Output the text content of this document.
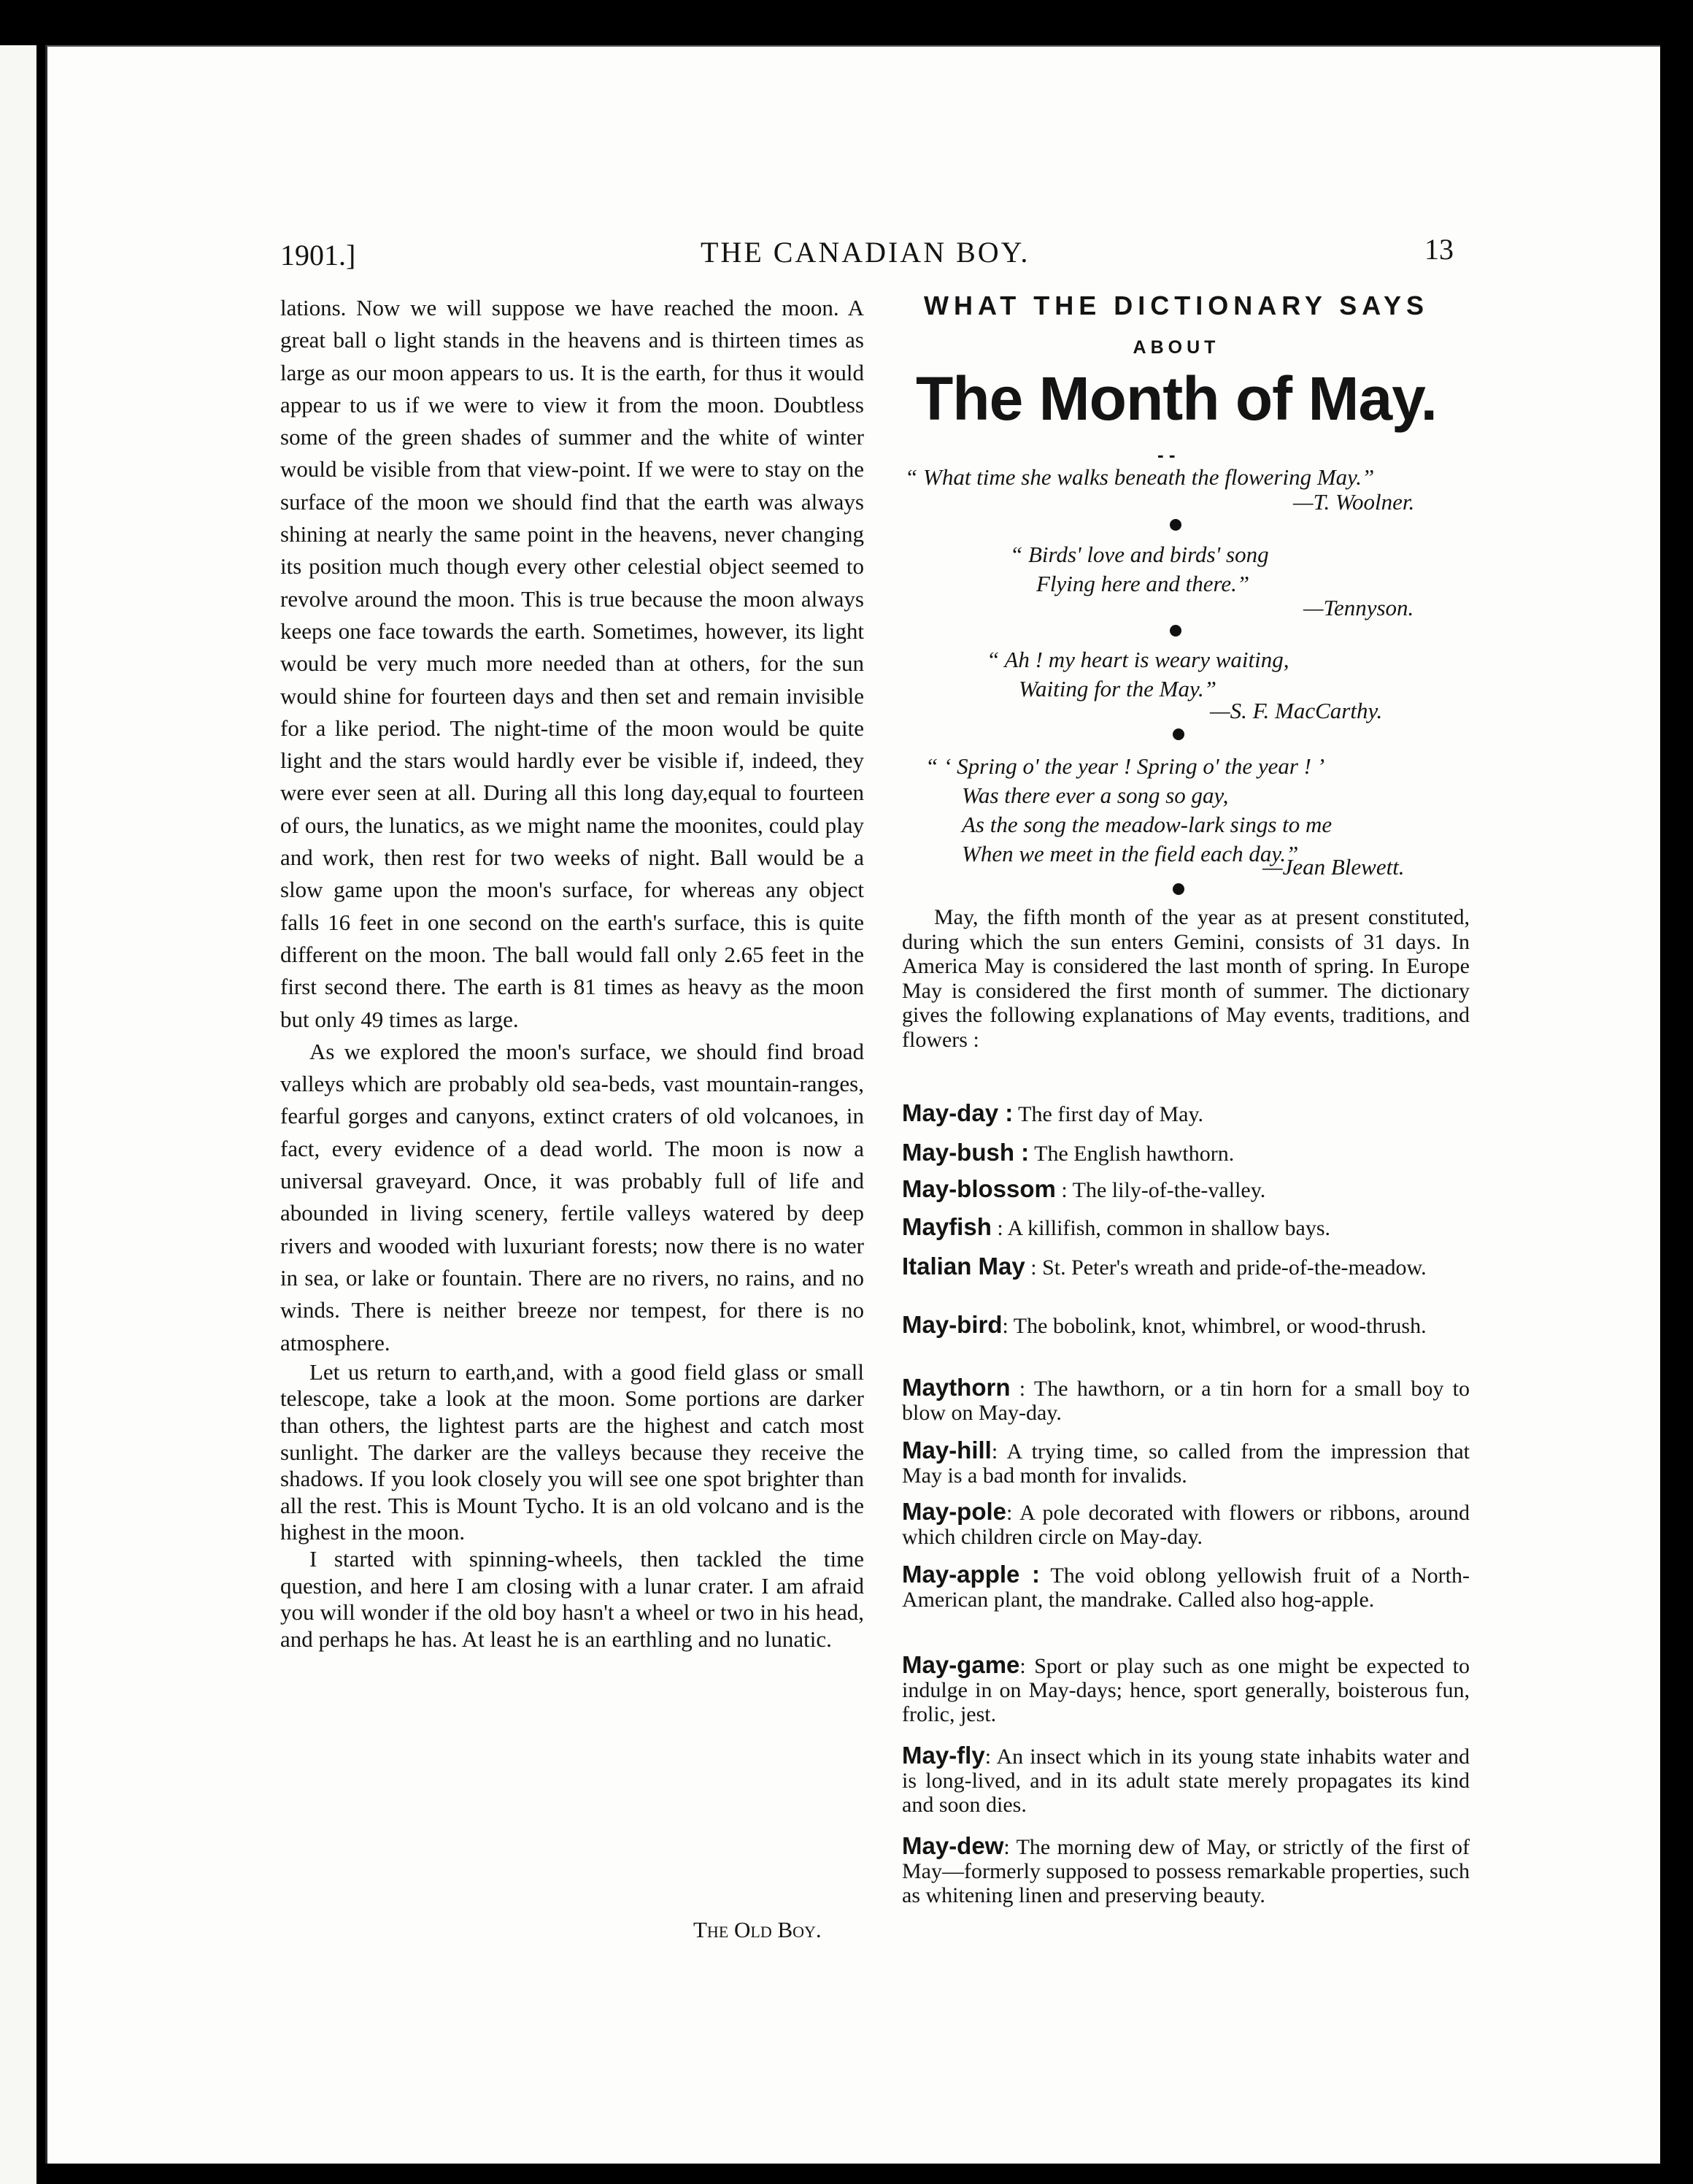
1901.]	THE CANADIAN BOY.	13

lations. Now we will suppose we have reached the moon. A great ball o light stands in the heavens and is thirteen times as large as our moon appears to us. It is the earth, for thus it would appear to us if we were to view it from the moon. Doubtless some of the green shades of summer and the white of winter would be visible from that view-point. If we were to stay on the surface of the moon we should find that the earth was always shining at nearly the same point in the heavens, never changing its position much though every other celestial object seemed to revolve around the moon. This is true because the moon always keeps one face towards the earth. Sometimes, however, its light would be very much more needed than at others, for the sun would shine for fourteen days and then set and remain invisible for a like period. The night-time of the moon would be quite light and the stars would hardly ever be visible if, indeed, they were ever seen at all. During all this long day,equal to fourteen of ours, the lunatics, as we might name the moonites, could play and work, then rest for two weeks of night. Ball would be a slow game upon the moon's surface, for whereas any object falls 16 feet in one second on the earth's surface, this is quite different on the moon. The ball would fall only 2.65 feet in the first second there. The earth is 81 times as heavy as the moon but only 49 times as large.

As we explored the moon's surface, we should find broad valleys which are probably old sea-beds, vast mountain-ranges, fearful gorges and canyons, extinct craters of old volcanoes, in fact, every evidence of a dead world. The moon is now a universal graveyard. Once, it was probably full of life and abounded in living scenery, fertile valleys watered by deep rivers and wooded with luxuriant forests; now there is no water in sea, or lake or fountain. There are no rivers, no rains, and no winds. There is neither breeze nor tempest, for there is no atmosphere.

Let us return to earth,and, with a good field glass or small telescope, take a look at the moon. Some portions are darker than others, the lightest parts are the highest and catch most sunlight. The darker are the valleys because they receive the shadows. If you look closely you will see one spot brighter than all the rest. This is Mount Tycho. It is an old volcano and is the highest in the moon.

I started with spinning-wheels, then tackled the time question, and here I am closing with a lunar crater. I am afraid you will wonder if the old boy hasn't a wheel or two in his head, and perhaps he has. At least he is an earthling and no lunatic.

The Old Boy.
WHAT THE DICTIONARY SAYS
ABOUT
The Month of May.
- -
“ What time she walks beneath the flowering May.”
—T. Woolner.
“ Birds' love and birds' song
Flying here and there.”
—Tennyson.
“ Ah ! my heart is weary waiting,
Waiting for the May.”
—S. F. MacCarthy.
“ ‘ Spring o' the year ! Spring o' the year ! ’
Was there ever a song so gay,
As the song the meadow-lark sings to me
When we meet in the field each day.”
—Jean Blewett.
May, the fifth month of the year as at present constituted, during which the sun enters Gemini, consists of 31 days. In America May is considered the last month of spring. In Europe May is considered the first month of summer. The dictionary gives the following explanations of May events, traditions, and flowers :
May-day : The first day of May.
May-bush : The English hawthorn.
May-blossom : The lily-of-the-valley.
Mayfish : A killifish, common in shallow bays.
Italian May : St. Peter's wreath and pride-of-the-meadow.
May-bird: The bobolink, knot, whimbrel, or wood-thrush.
Maythorn : The hawthorn, or a tin horn for a small boy to blow on May-day.
May-hill: A trying time, so called from the impression that May is a bad month for invalids.
May-pole: A pole decorated with flowers or ribbons, around which children circle on May-day.
May-apple : The void oblong yellowish fruit of a North-American plant, the mandrake. Called also hog-apple.
May-game: Sport or play such as one might be expected to indulge in on May-days; hence, sport generally, boisterous fun, frolic, jest.
May-fly: An insect which in its young state inhabits water and is long-lived, and in its adult state merely propagates its kind and soon dies.
May-dew: The morning dew of May, or strictly of the first of May—formerly supposed to possess remarkable properties, such as whitening linen and preserving beauty.
